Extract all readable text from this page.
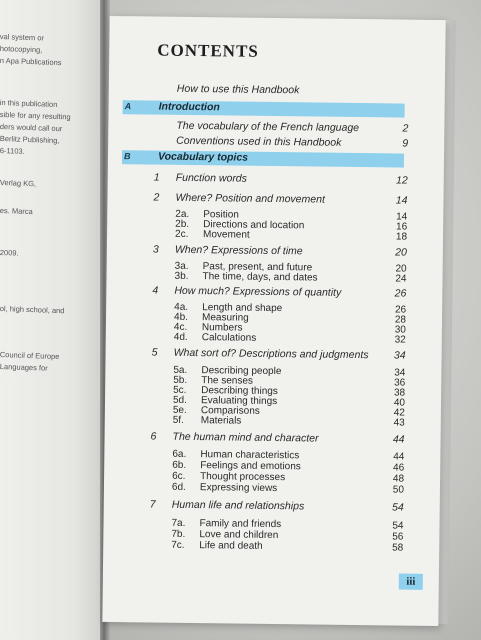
val system or
hotocopying,
n Apa Publications
in this publication
sible for any resulting
ders would call our
Berlitz Publishing,
6-1103.
Verlag KG,
es. Marca
2009.
ol, high school, and
Council of Europe
Languages for
CONTENTS
How to use this Handbook
A	Introduction
The vocabulary of the French language	2
Conventions used in this Handbook	9
B	Vocabulary topics
1 Function words	12
2 Where? Position and movement	14
2a. Position	14
2b. Directions and location	16
2c. Movement	18
3 When? Expressions of time	20
3a. Past, present, and future	20
3b. The time, days, and dates	24
4 How much? Expressions of quantity	26
4a. Length and shape	26
4b. Measuring	28
4c. Numbers	30
4d. Calculations	32
5 What sort of? Descriptions and judgments 34
5a. Describing people	34
5b. The senses	36
5c. Describing things	38
5d. Evaluating things	40
5e. Comparisons	42
5f. Materials	43
6 The human mind and character	44
6a. Human characteristics	44
6b. Feelings and emotions	46
6c. Thought processes	48
6d. Expressing views	50
7 Human life and relationships	54
7a. Family and friends	54
7b. Love and children	56
7c. Life and death	58
iii
